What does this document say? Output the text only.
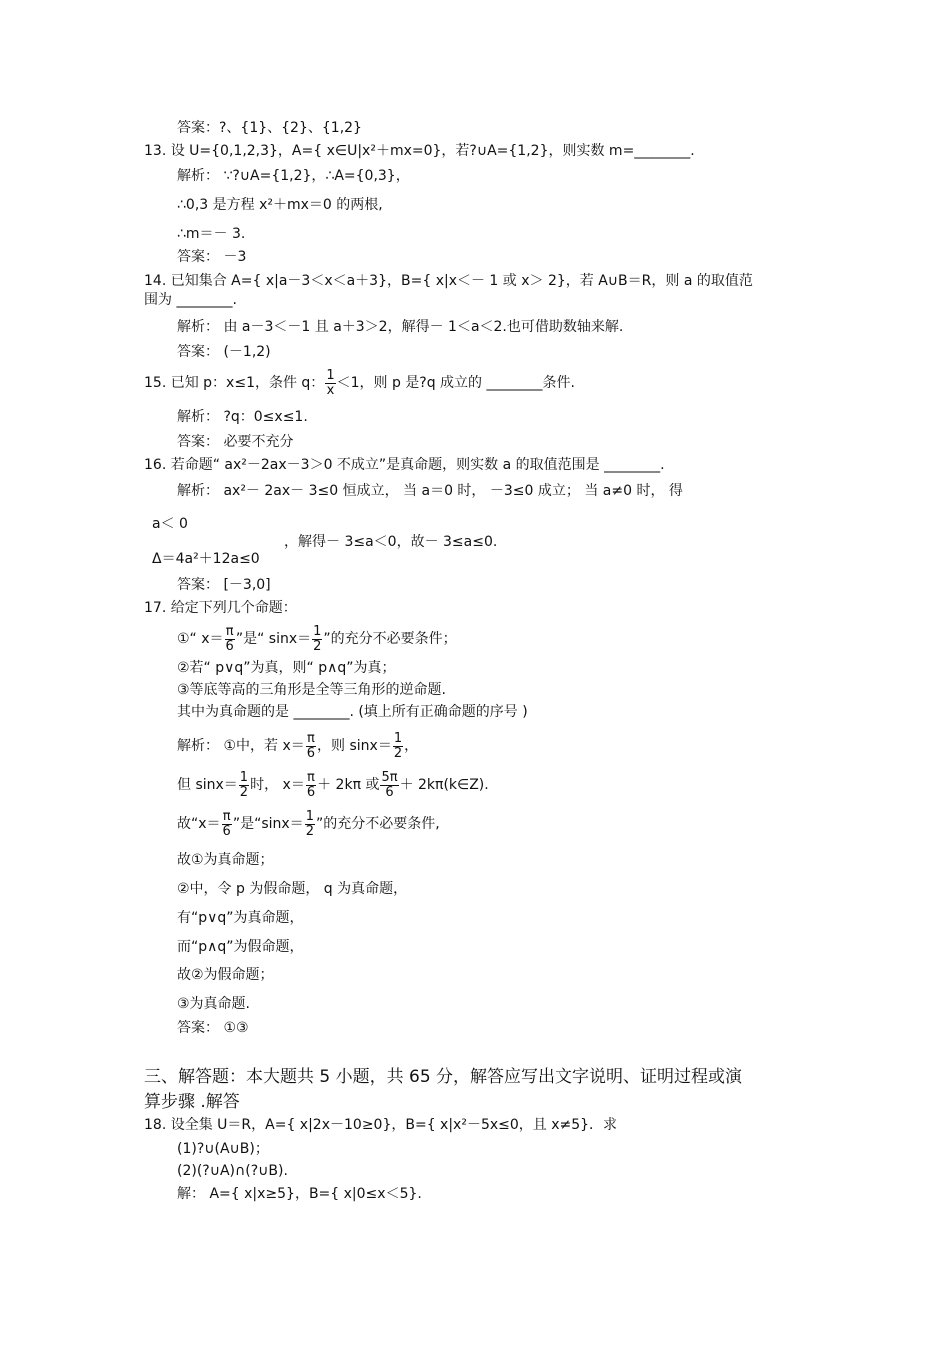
答案：?、{1}、{2}、{1,2}
13. 设 U={0,1,2,3}，A={ x∈U|x²＋mx=0}，若?∪A={1,2}，则实数 m=________.
解析： ∵?∪A={1,2}，∴A={0,3}，
∴0,3 是方程 x²＋mx＝0 的两根,
∴m＝－ 3.
答案： －3
14. 已知集合 A={ x|a－3＜x＜a＋3}，B={ x|x＜－ 1 或 x＞ 2}，若 A∪B＝R，则 a 的取值范
围为 ________.
解析： 由 a－3＜－1 且 a＋3＞2，解得－ 1＜a＜2.也可借助数轴来解.
答案： (－1,2)
15. 已知 p：x≤1，条件 q： $\frac{1}{x} <1$，则 p 是?q 成立的 ________条件.
解析： ?q：0≤x≤1.
答案： 必要不充分
16. 若命题“ ax²－2ax－3＞0 不成立”是真命题，则实数 a 的取值范围是 ________.
解析： ax²－ 2ax－ 3≤0 恒成立， 当 a＝0 时， －3≤0 成立； 当 a≠0 时， 得
a＜ 0
Δ＝4a²＋12a≤0
，解得－ 3≤a＜0，故－ 3≤a≤0.
答案： [－3,0]
17. 给定下列几个命题：
①“ $x= \frac{\pi}{6}$ ”是“ $\sin x= \frac{1}{2}$ ”的充分不必要条件；
②若“ p∨q”为真，则“ p∧q”为真；
③等底等高的三角形是全等三角形的逆命题.
其中为真命题的是 ________. (填上所有正确命题的序号 )
解析： ①中，若 $x= \frac{\pi}{6}$ ，则 $\sin x= \frac{1}{2}$ ，
但 $\sin x= \frac{1}{2}$ 时， $x= \frac{\pi}{6} + 2k\pi$ 或 $\frac{5\pi}{6}$ ＋ 2kπ(k∈Z).
故“$x= \frac{\pi}{6}$ ”是“$\sin x= \frac{1}{2}$ ”的充分不必要条件,
故①为真命题；
②中，令 p 为假命题， q 为真命题，
有“p∨q”为真命题，
而“p∧q”为假命题，
故②为假命题；
③为真命题.
答案： ①③
三、解答题：本大题共 5 小题，共 65 分，解答应写出文字说明、证明过程或演
算步骤 .解答
18. 设全集 U＝R，A={ x|2x－10≥0}，B={ x|x²－5x≤0，且 x≠5}．求
(1)?∪(A∪B)；
(2)(?∪A)∩(?∪B).
解： A={ x|x≥5}，B={ x|0≤x＜5}.
